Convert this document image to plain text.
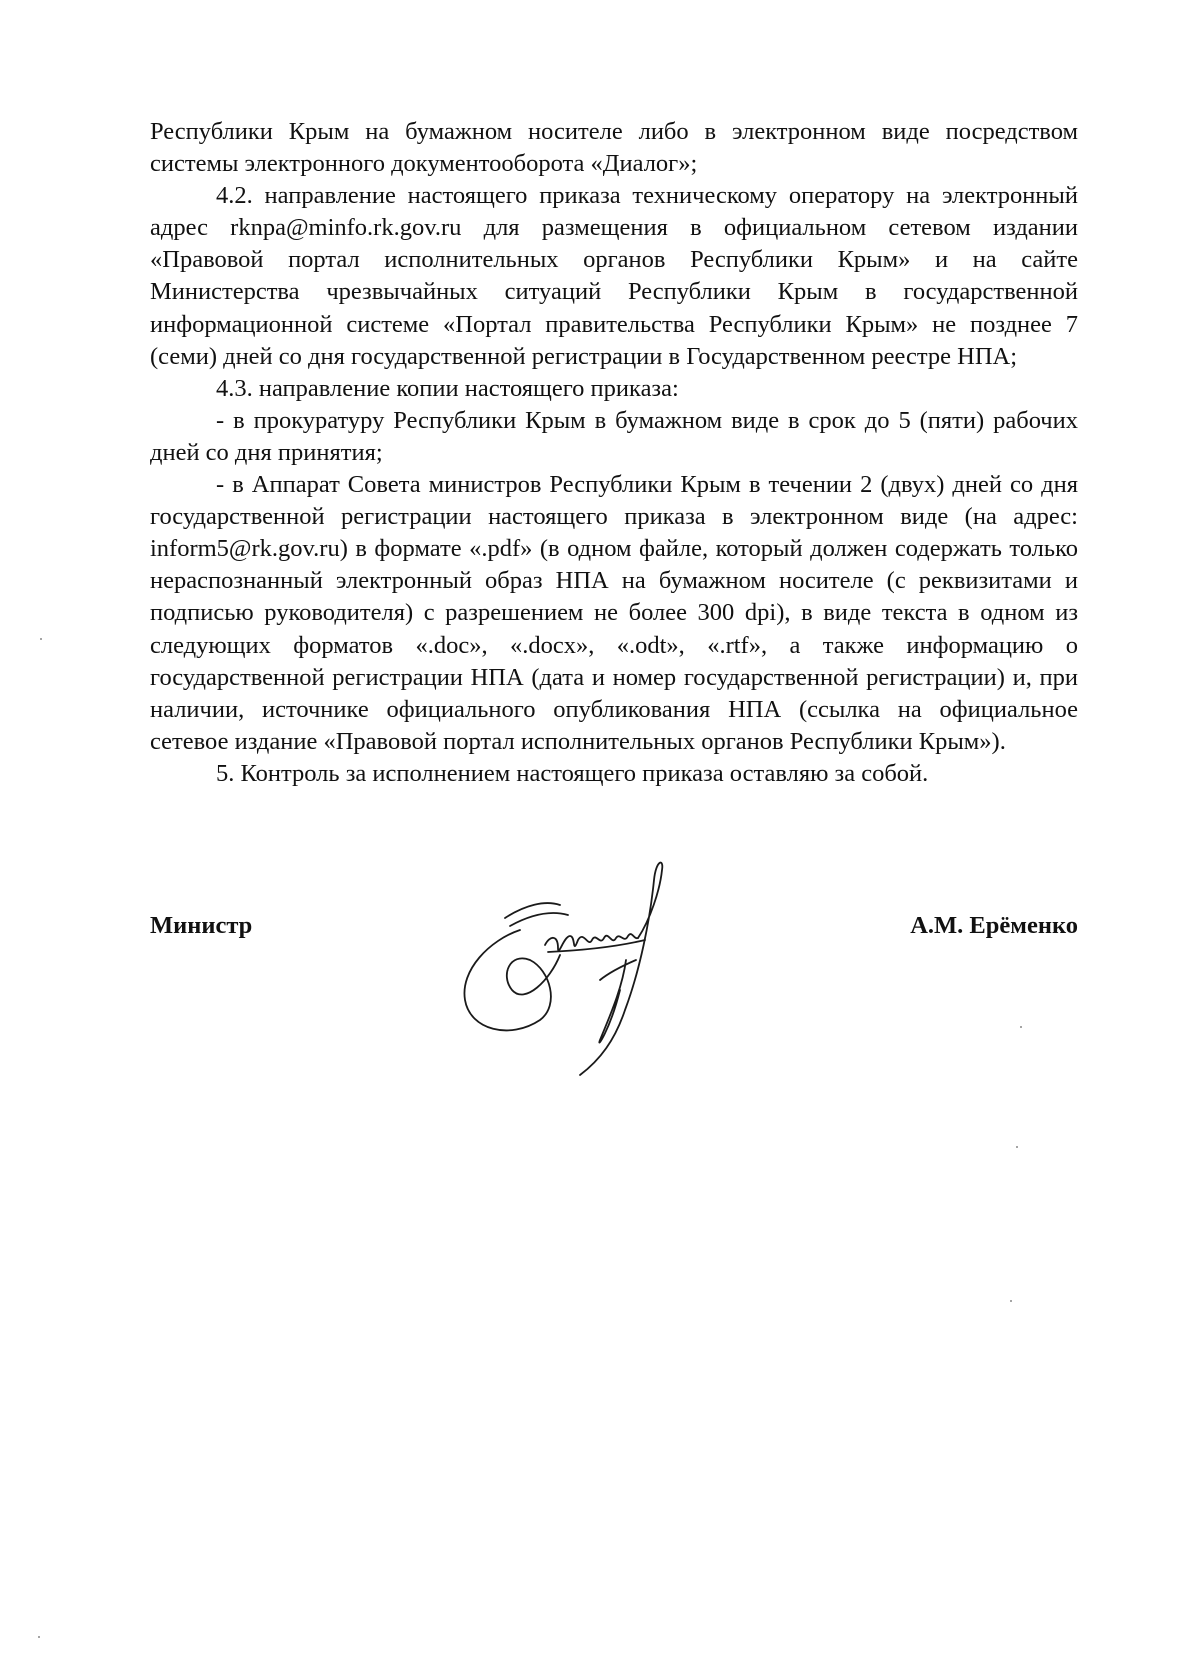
Республики Крым на бумажном носителе либо в электронном виде посредством системы электронного документооборота «Диалог»;

4.2. направление настоящего приказа техническому оператору на электронный адрес rknpa@minfo.rk.gov.ru для размещения в официальном сетевом издании «Правовой портал исполнительных органов Республики Крым» и на сайте Министерства чрезвычайных ситуаций Республики Крым в государственной информационной системе «Портал правительства Республики Крым» не позднее 7 (семи) дней со дня государственной регистрации в Государственном реестре НПА;

4.3. направление копии настоящего приказа:

- в прокуратуру Республики Крым в бумажном виде в срок до 5 (пяти) рабочих дней со дня принятия;

- в Аппарат Совета министров Республики Крым в течении 2 (двух) дней со дня государственной регистрации настоящего приказа в электронном виде (на адрес: inform5@rk.gov.ru) в формате «.pdf» (в одном файле, который должен содержать только нераспознанный электронный образ НПА на бумажном носителе (с реквизитами и подписью руководителя) с разрешением не более 300 dpi), в виде текста в одном из следующих форматов «.doc», «.docx», «.odt», «.rtf», а также информацию о государственной регистрации НПА (дата и номер государственной регистрации) и, при наличии, источнике официального опубликования НПА (ссылка на официальное сетевое издание «Правовой портал исполнительных органов Республики Крым»).

5. Контроль за исполнением настоящего приказа оставляю за собой.

Министр	А.М. Ерёменко
